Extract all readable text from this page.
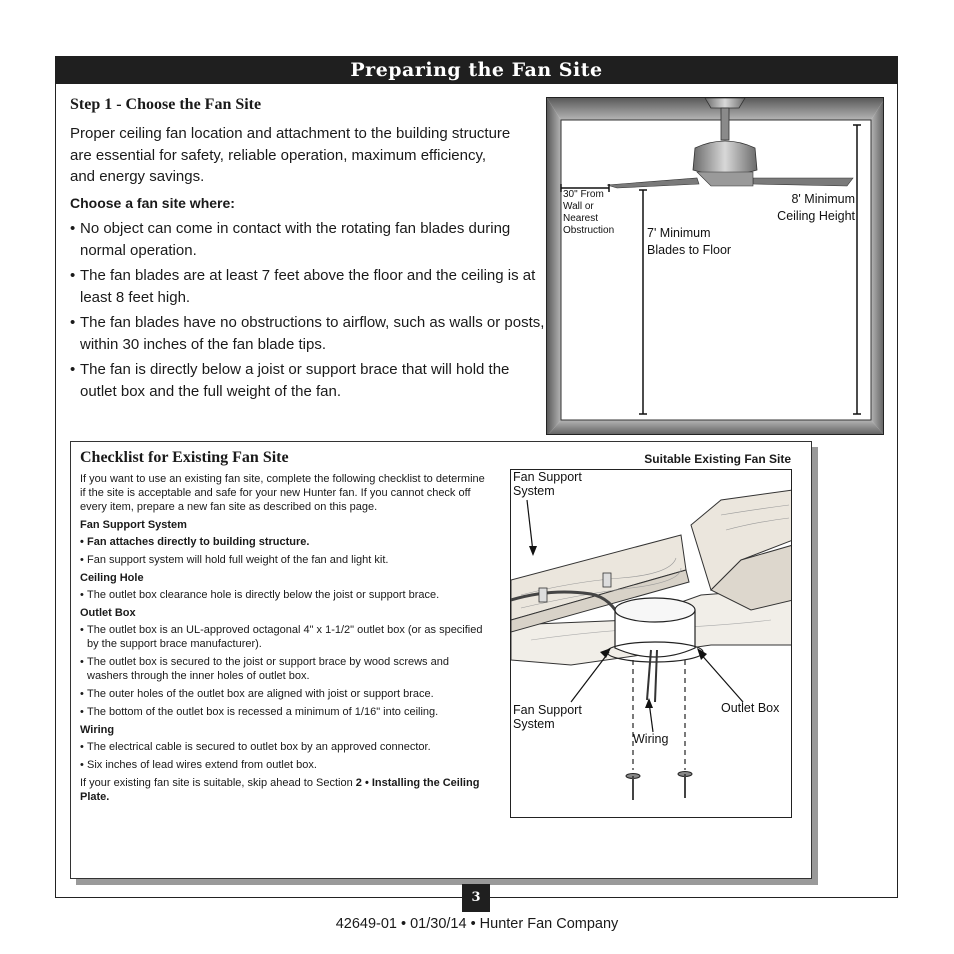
Preparing the Fan Site
Step 1 - Choose the Fan Site
Proper ceiling fan location and attachment to the building structure are essential for safety, reliable operation, maximum efficiency, and energy savings.
Choose a fan site where:
• No object can come in contact with the rotating fan blades during normal operation.
• The fan blades are at least 7 feet above the floor and the ceiling is at least 8 feet high.
• The fan blades have no obstructions to airflow, such as walls or posts, within 30 inches of the fan blade tips.
• The fan is directly below a joist or support brace that will hold the outlet box and the full weight of the fan.
30" From Wall or Nearest Obstruction	7' Minimum Blades to Floor
8' Minimum Ceiling Height
Checklist for Existing Fan Site

If you want to use an existing fan site, complete the following checklist to determine if the site is acceptable and safe for your new Hunter fan. If you cannot check off every item, prepare a new fan site as described on this page.

Fan Support System

• Fan attaches directly to building structure.
• Fan support system will hold full weight of the fan and light kit.

Ceiling Hole

• The outlet box clearance hole is directly below the joist or support brace.

Outlet Box

• The outlet box is an UL-approved octagonal 4" x 1-1/2" outlet box (or as specified by the support brace manufacturer).
• The outlet box is secured to the joist or support brace by wood screws and washers through the inner holes of outlet box.
• The outer holes of the outlet box are aligned with joist or support brace.
• The bottom of the outlet box is recessed a minimum of 1/16" into ceiling.

Wiring

• The electrical cable is secured to outlet box by an approved connector.
• Six inches of lead wires extend from outlet box.

If your existing fan site is suitable, skip ahead to Section 2 • Installing the Ceiling Plate.

Suitable Existing Fan Site
Fan Support System
Fan Support System
Wiring
Outlet Box
3
42649-01 • 01/30/14 • Hunter Fan Company
